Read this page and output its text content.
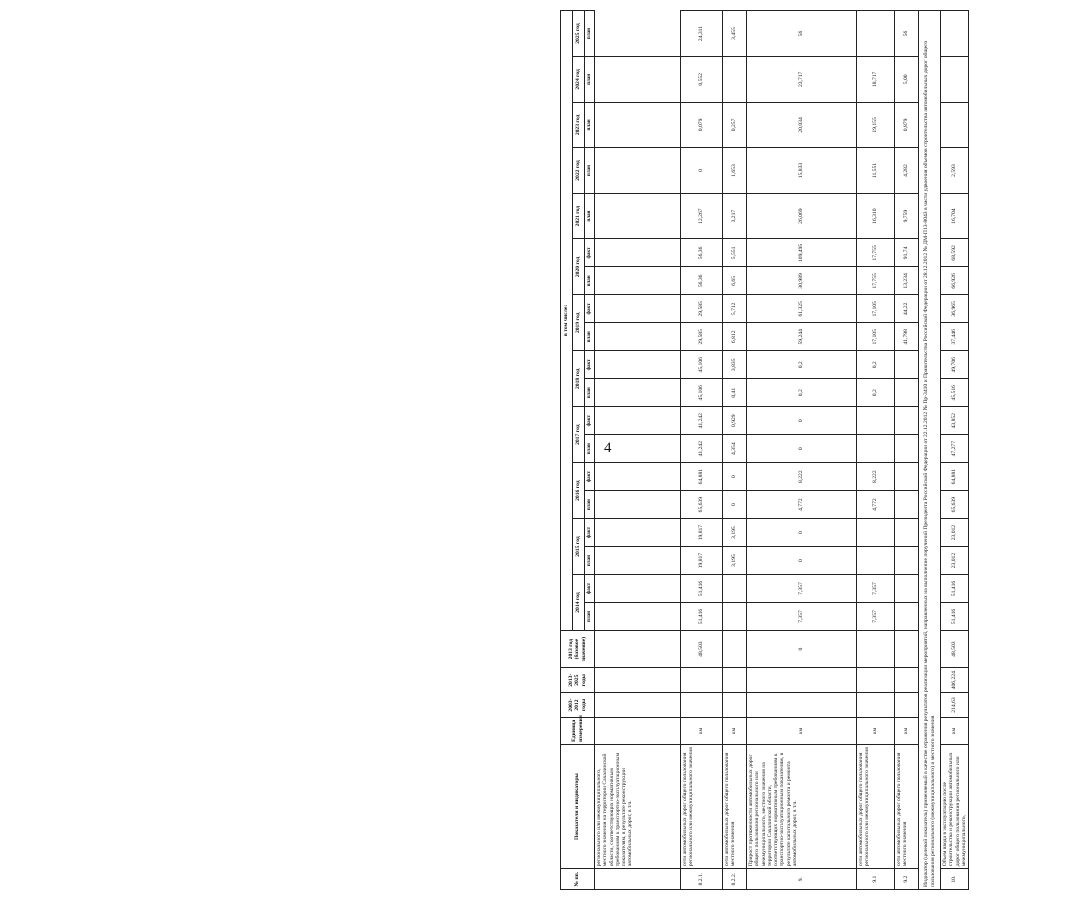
4
№ пп.	Показатели и индикаторы	Единица измерения	2003-2012 годы	2013-2025 годы	2013 год (базовое значение)	в том числе:																		
						2014 год		2015 год		2016 год		2017 год		2018 год		2019 год		2020 год		2021 год	2022 год	2023 год	2024 год	2025 год
						план	факт	план	факт	план	факт	план	факт	план	факт	план	факт	план	факт	план	план	план	план	план
	регионального или межмуниципального, местного значения на территории Сахалинской области, соответствующих нормативным требованиям к транспортно-эксплуатационным показателям, в результате реконструкции автомобильных дорог, в т.ч.																							
8.2.1.	сети автомобильных дорог общего пользования регионального или межмуниципального значения	км			48,503	51,416	51,416	19,817	19,817	65,639	64,881	41,242	41,242	45,106	45,106	29,585	29,585	56,36	56,36	12,267	0	0,079	0,552	24,311
8.2.2.	сети автомобильных дорог общего пользования местного значения	км						3,195	3,195	0	0	4,354	0,929	0,41	3,835	6,812	5,712	6,65	5,551	3,217	1,653	0,257		3,455
9.	Прирост протяженности автомобильных дорог общего пользования регионального или межмуниципального, местного значения на территории Сахалинской области, соответствующих нормативным требованиям к транспортно-эксплуатационным показателям, в результате капитального ремонта и ремонта автомобильных дорог, в т.ч.	км			0	7,357	7,357	0	0	4,772	8,222	0	0	0,2	0,2	59,244	61,325	30,989	109,495	26,069	15,833	20,034	23,717	56
9.1	сети автомобильных дорог общего пользования регионального или межмуниципального значения	км				7,357	7,357			4,772	8,222			0,2	0,2	17,105	17,105	17,755	17,755	16,310	11,551	19,155	18,717	
9.2	сети автомобильных дорог общего пользования местного значения	км														41,798	44,22	13,234	91,74	9,759	4,282	0,879	5,00	56
Индикатор (целевой показатель) применяемый в качестве отражения результатов реализации мероприятий, направленных на выполнение поручений Президента Российской Федерации от 22.12.2012 № Пр-3410 и Правительства Российской Федерации от 28.12.2012 № ДМ-П13-8043 в части удвоения объемов строительства автомобильных дорог общего пользования регионального (межмуниципального) и местного значения																								
10.	Объем ввода в эксплуатацию после строительства и реконструкции автомобильных дорог общего пользования регионального или межмуниципального,	км	214,63	406,224	48,503	51,416	51,416	23,012	23,012	65,639	64,881	47,277	43,852	45,516	49,706	37,446	36,965	66,926	68,592	16,704	2,593			
